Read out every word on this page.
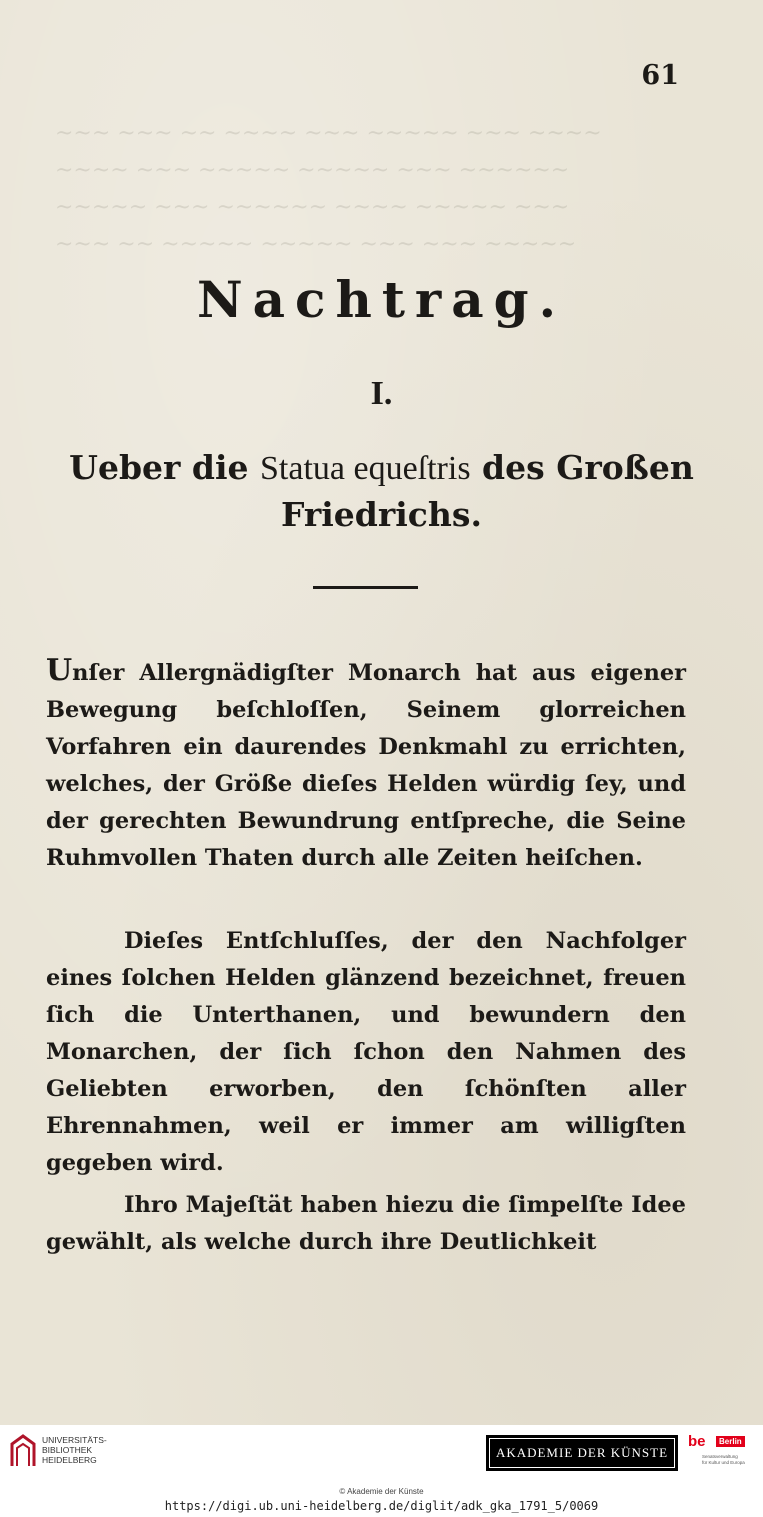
61
~~~ ~~~ ~~ ~~~~ ~~~ ~~~~~ ~~~ ~~~~
~~~~ ~~~ ~~~~~ ~~~~~ ~~~ ~~~~~~
~~~~~ ~~~ ~~~~~~ ~~~~ ~~~~~ ~~~
~~~ ~~ ~~~~~ ~~~~~ ~~~ ~~~ ~~~~~
Nachtrag.
I.
Ueber die Statua equeſtris des Großen Friedrichs.

Unſer Allergnädigſter Monarch hat aus eigener Bewegung beſchloſſen, Seinem glorreichen Vorfahren ein daurendes Denkmahl zu errichten, welches, der Größe dieſes Helden würdig ſey, und der gerechten Bewundrung entſpreche, die Seine Ruhmvollen Thaten durch alle Zeiten heiſchen.

Dieſes Entſchluſſes, der den Nachfolger eines ſolchen Helden glänzend bezeichnet, freuen ſich die Unterthanen, und bewundern den Monarchen, der ſich ſchon den Nahmen des Geliebten erworben, den ſchönſten aller Ehrennahmen, weil er immer am willigſten gegeben wird.

Ihro Majeſtät haben hiezu die ſimpelſte Idee gewählt, als welche durch ihre Deutlichkeit

UNIVERSITÄTS-
BIBLIOTHEK
HEIDELBERG	AKADEMIE DER KÜNSTE
be	Berlin
Senatsverwaltung
für Kultur und Europa
© Akademie der Künste
https://digi.ub.uni-heidelberg.de/diglit/adk_gka_1791_5/0069
